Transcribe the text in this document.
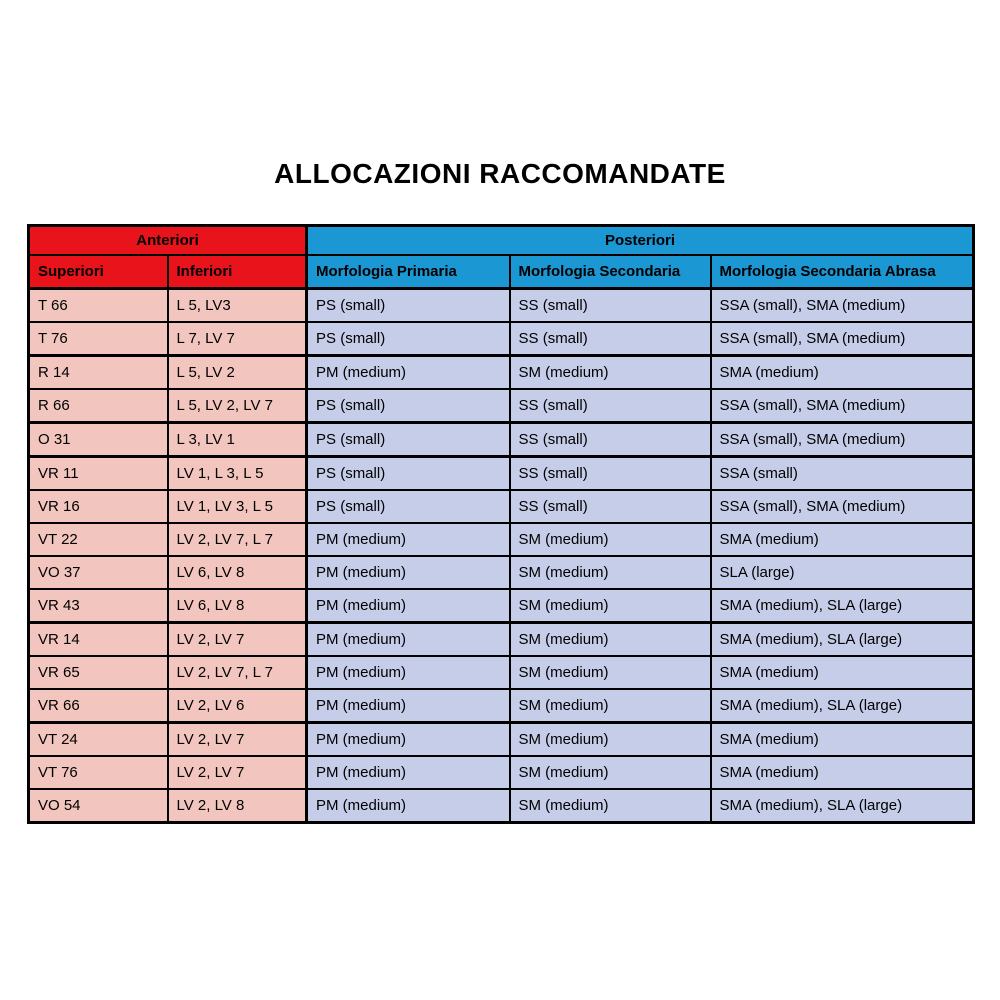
ALLOCAZIONI RACCOMANDATE
Anteriori		Posteriori		
Superiori	Inferiori	Morfologia Primaria	Morfologia Secondaria	Morfologia Secondaria Abrasa
T 66	L 5, LV3	PS (small)	SS (small)	SSA (small), SMA (medium)
T 76	L 7, LV 7	PS (small)	SS (small)	SSA (small), SMA (medium)
R 14	L 5, LV 2	PM (medium)	SM (medium)	SMA (medium)
R 66	L 5, LV 2, LV 7	PS (small)	SS (small)	SSA (small), SMA (medium)
O 31	L 3, LV 1	PS (small)	SS (small)	SSA (small), SMA (medium)
VR 11	LV 1, L 3, L 5	PS (small)	SS (small)	SSA (small)
VR 16	LV 1, LV 3, L 5	PS (small)	SS (small)	SSA (small), SMA (medium)
VT 22	LV 2, LV 7, L 7	PM (medium)	SM (medium)	SMA (medium)
VO 37	LV 6, LV 8	PM (medium)	SM (medium)	SLA (large)
VR 43	LV 6, LV 8	PM (medium)	SM (medium)	SMA (medium), SLA (large)
VR 14	LV 2, LV 7	PM (medium)	SM (medium)	SMA (medium), SLA (large)
VR 65	LV 2, LV 7, L 7	PM (medium)	SM (medium)	SMA (medium)
VR 66	LV 2, LV 6	PM (medium)	SM (medium)	SMA (medium), SLA (large)
VT 24	LV 2, LV 7	PM (medium)	SM (medium)	SMA (medium)
VT 76	LV 2, LV 7	PM (medium)	SM (medium)	SMA (medium)
VO 54	LV 2, LV 8	PM (medium)	SM (medium)	SMA (medium), SLA (large)
